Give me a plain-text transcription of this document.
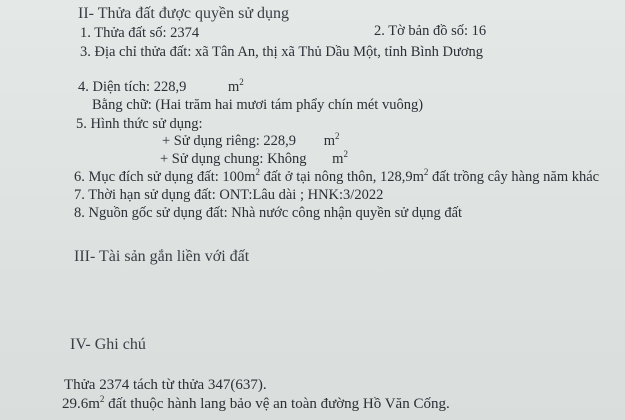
II- Thửa đất được quyền sử dụng
1. Thửa đất số: 2374	2. Tờ bản đồ số: 16
3. Địa chỉ thửa đất: xã Tân An, thị xã Thủ Dầu Một, tỉnh Bình Dương
4. Diện tích: 228,9	$m^2$
Bằng chữ: (Hai trăm hai mươi tám phẩy chín mét vuông)
5. Hình thức sử dụng:
+ Sử dụng riêng: 228,9 $m^2$
+ Sử dụng chung: Không $m^2$
6. Mục đích sử dụng đất: $100m^2$ đất ở tại nông thôn, $128,9m^2$ đất trồng cây hàng năm khác
7. Thời hạn sử dụng đất: ONT:Lâu dài ; HNK:3/2022
8. Nguồn gốc sử dụng đất: Nhà nước công nhận quyền sử dụng đất
III- Tài sản gắn liền với đất
IV- Ghi chú
Thửa 2374 tách từ thửa 347(637).
$29.6m^2$ đất thuộc hành lang bảo vệ an toàn đường Hồ Văn Cống.
